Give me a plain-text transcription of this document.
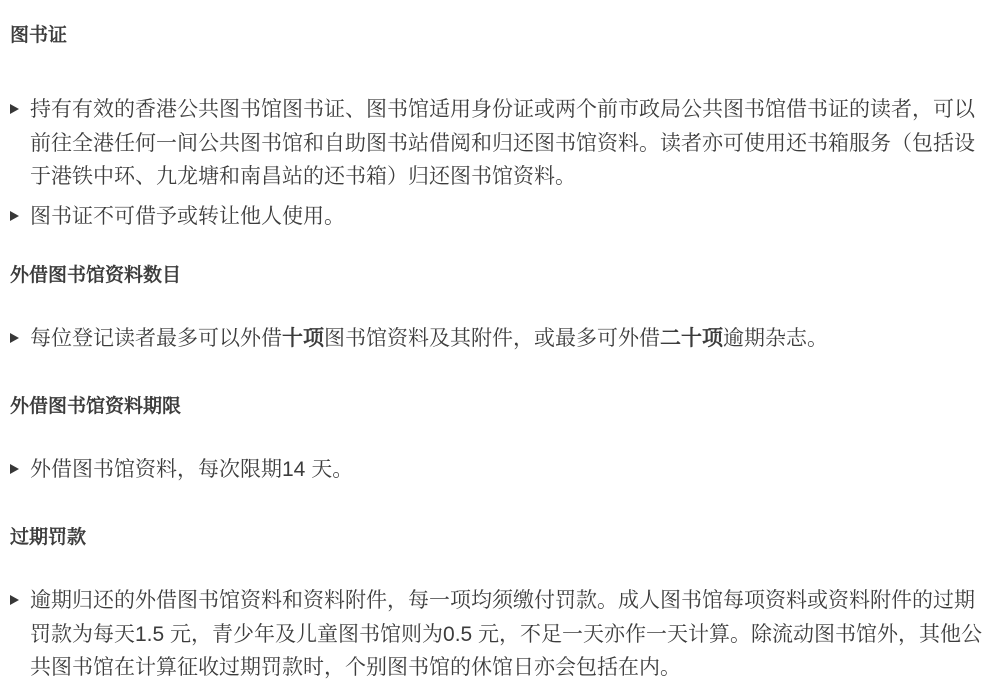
图书证

持有有效的香港公共图书馆图书证、图书馆适用身份证或两个前市政局公共图书馆借书证的读者，可以前往全港任何一间公共图书馆和自助图书站借阅和归还图书馆资料。读者亦可使用还书箱服务（包括设于港铁中环、九龙塘和南昌站的还书箱）归还图书馆资料。

图书证不可借予或转让他人使用。

外借图书馆资料数目

每位登记读者最多可以外借十项图书馆资料及其附件，或最多可外借二十项逾期杂志。

外借图书馆资料期限

外借图书馆资料，每次限期14 天。

过期罚款

逾期归还的外借图书馆资料和资料附件，每一项均须缴付罚款。成人图书馆每项资料或资料附件的过期罚款为每天1.5 元，青少年及儿童图书馆则为0.5 元，不足一天亦作一天计算。除流动图书馆外，其他公共图书馆在计算征收过期罚款时，个别图书馆的休馆日亦会包括在内。
